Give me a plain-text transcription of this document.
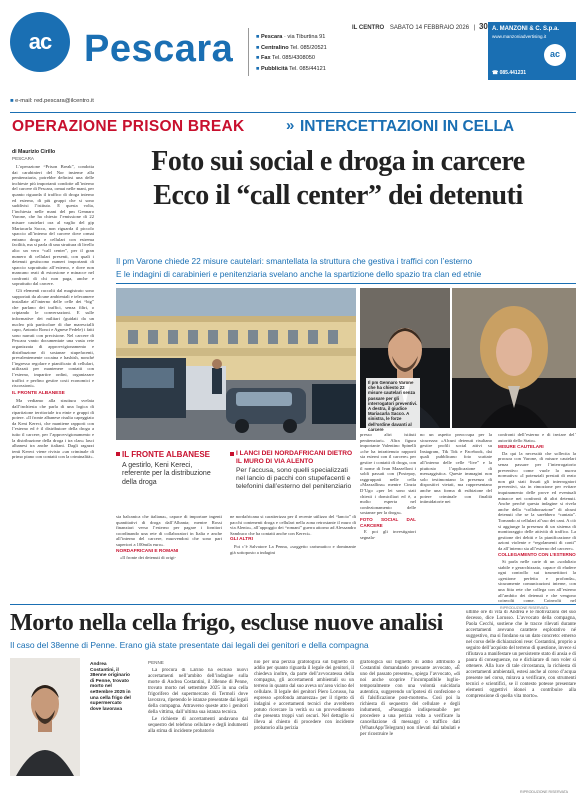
ac Pescara	■ Pescara · via Tiburtina 91
■ Centralino Tel. 085/20521
■ Fax Tel. 085/4308050
■ Pubblicità Tel. 085/44121
IL CENTRO SABATO 14 FEBBRAIO 2026 | 30 A. MANZONI & C. S.p.a.
www.manzoniadvertising.it
ac
☎ 085.441231
■ e-mail: red.pescara@ilcentro.it
OPERAZIONE PRISON BREAK	» INTERCETTAZIONI IN CELLA
di Maurizio Cirillo
PESCARA

L’operazione “Prison Break”, condotta dai carabinieri del Nor insieme alla penitenziaria, potrebbe definirsi una delle inchieste più importanti condotte all’interno del carcere di Pescara, ormai nelle mani, per quanto riguarda il traffico di droga interno ed esterno, di più gruppi che si sono suddivisi l’istituto. E questa volta, l’inchiesta nelle mani del pm Gennaro Varone, che ha chiesto l’emissione di 22 misure cautelari ora al vaglio del gip Mariacarla Sacco, non riguarda il piccolo spaccio all’interno del carcere dove ormai entrano droga e cellulari con estrema facilità, ma si parla di una struttura di livello alto: un vero “call center”, per il gran numero di cellulari presenti, con quali i detenuti gestiscono numeri importanti di spaccio soprattutto all’esterno, e dove non mancano reati di estorsione e minacce nel confronti di chi non paga, anche e soprattutto dal carcere.

Gli elementi raccolti dal magistrato sono supportati da alcune ambientali e telecamere installate all’interno delle celle dei “big” che parlano dei traffici, senza filtri, o criptando le conversazioni. E sulle informative dei militari (guidati da un nucleo più particolare di due marescialli capo, Antonio Ronci e Agnese Fedele) i fatti sono narrati con precisione. Nel carcere di Pescara vanto documentate una vasta rete organizzata di approvvigionamento e distribuzione di sostanze stupefacenti, prevalentemente cocaina e hashish, nonché l’ingresso regolare e pianificato di cellulari, utilizzati per mantenere contatti con l’esterno, impartire ordini, organizzare traffici e perfino gestire costi economici e riscossioni».

IL FRONTE ALBANESE

Ma vediamo alla struttura svelata dall’inchiesta che parla di una logica di ripartizione territoriale tra etnie e gruppi di potere. «Il fronte albanese risulta capeggiato da Keni Kereci, che mantiene rapporti con l’esterno ed è il distributore della droga a tutto il carcere, per l’approvvigionamento e la distribuzione della droga i tra clan» lasci albanesi tra anche italiani. Dagli ragazzi tenti Kereci viene rivisto «un criminale di primo piano con contatti con la criminalità».

Foto sui social e droga in carcere
Ecco il “call center” dei detenuti
Il pm Varone chiede 22 misure cautelari: smantellata la struttura che gestiva i traffici con l’esterno
E le indagini di carabinieri e penitenziaria svelano anche la spartizione dello spazio tra clan ed etnie
Il pm Gennaro Varone che ha chiesto 22 misure cautelari senza passare per gli interrogatori preventivi. A destra, il giudice Mariacarla Sacco. A sinistra, le forze dell’ordine davanti al carcere
IL FRONTE ALBANESE
A gestirlo, Keni Kereci, referente per la distribuzione della droga
I LANCI DEI NORDAFRICANI DIETRO IL MURO DI VIA ALENTO
Per l’accusa, sono quelli specializzati nel lancio di pacchi con stupefacenti e telefonini dall’esterno del penitenziario

sia balcanica che italiana», capace di importare ingenti quantitativi di droga dall’Albania; mentre Rossi finanziari verso l’esterno per pagare i fornitori coordinando una rete di collaboratori in Italia e anche all’interno del carcere, muovendosi che sono pari superiori a 100mila euro».

NORDAFRICANI E ROMANI

«Il fronte dei detenuti di origi-

ne nordafricana si caratterizza per il recente utilizzo del “lancio” di pacchi contenenti droga e cellulari nella zona retrostante il muro di via Alento», all’appoggio dei “romani” guerra attorno ad Alessandro Sambuco che ha contatti anche con Kereci».

GLI ALTRI

Poi c’è Salvatore La Penna, «soggetto carismatico e dominante già sottoposto a indagini

presso altri istituti penitenziari». Altra figura importante Valentino Spinelli «che ha intrattenuto rapporti sia esterni con il carcere» per gestire i contatti di droga, con il nome di Ivan Mazzelloni i soldi passati con (Postepay, raggruppati nelle cella «Mazzallina» mentre Cinzia D’Ugo «per lei sono stati chiesti i domiciliari ed è, a molto esperta nel confezionamento delle sostanze per la droga».

FOTO SOCIAL DAL CARCERE

E poi gli investigatori segnala-

no un aspetto preoccupa per la sicurezza: «Alcuni detenuti risultano gestire profili social attivi su Instagram, Tik Tok e Facebook, dai quali pubblicano foto scattate all’interno delle celle “live” e la piuttosto l’applicazione di messaggistica. Queste immagini non solo testimoniano la presenza di dispositivi vietati, ma rappresentano anche una forma di esibizione del potere criminale con finalità intimidatorie nei

confronti dell’esterno e di inviare del’ autorità dello Stato».

MISURE CAUTELARI

Da qui la necessità che sollecita la procura con Varone, di misure cautelari senza passare per l’interrogatorio preventivo come vuole la nuova normativa: «I potenziali prestati di reato non già stati fissati gli interrogatori preventivi, sia in rimozione per evitare inquinamento delle prove ed eventuali minacce nei confronti di altri detenuti. Anche perché questa indagine si rivela anche della “collaborazione” di alcuni detenuti che se la sarebbero “cantata”. Tornando ai cellulari al’uso dei cani. A ciò si aggiunge la presenza di un sistema di monitoraggio delle attività di traffico. La gestione dei debiti e la pianificazione di azioni violente e “regolamenti di conti” da all’interno sia all’esterno del carcere».

COLLEGAMENTO CON L’ESTERNO

Si parla nelle carte di un «sodalizio stabile e gerarchizzato, capace di eludere ogni controllo sui trasmettitori la «gestione perfetta e profonda», sicuramente comunicazioni interne, con una fitta rete che collega con all’esterno all’ambito dei detenuti e che vengono coinvolti come. Coinvolti nel

RIPRODUZIONE RISERVATA
Morto nella cella frigo, escluse nuove analisi
Il caso del 38enne di Penne. Erano già state presentate dai legali dei genitori e della compagna
Andrea Costantini, il 38enne originario di Penne, trovato morto nel settembre 2025 in una cella frigo del supermercato dove lavorava
PENNE

La procura di Larino ha escluso nuovi accertamenti nell’ambito dell’indagine sulla morte di Andrea Costantini, il 38enne di Penne, trovato morto nel settembre 2025 in una cella frigorifero del supermercato di Termoli dove lavorava, ripetendo le istanze presentate dai legali della compagna. Attraverso queste atto i genitori della vittima, dall’ultima sua istanza tecnica.

Le richieste di accertamenti andavano dal sequestro del telefono cellulare e degli indumenti alla stima di incidente probatorio

nio per una perizia grafologica sul biglietto di addio per quanto riguarda il legale dei genitori, il chiedeva inoltre, da parte dell’avvocatessa della compagna, gli accertamenti ambientali su un terreno in quanto dal suo aveva un’area vicino del cellulare. Il legale dei genitori Piero Lorusso, ha espresso «profonda amarezza» per il rigetto di indagini e accertamenti tecnici che avrebbero potuto ricercare la verità su un provvedimento che presenta troppi vari oscuri. Nel dettaglio si illeva ai chiesto di procedere con incidente probatorio alla perizia

grafologica sul biglietto di addio attribuito a Costantini domandando pressante avvocato, «È uno del passato presente», spiega l’avvocato, «di noi anche scoprire l’incompatibile luglio-temporalmente con una volontà suicidaria autentica, suggerendo un’ipotesi di confezione o di falsificazione post-mortem». Così poi la richiesta di sequestro del cellulare e degli indumenti, «Passaggio indispensabile per procedere a una perizia volta a verificare la cancellazione di messaggi o traffico dati (WhatsApp/Telegram) non rilevati dai tabulati e per ricostruire le

ultime ore di vita di Andrea e le motivazioni del suo decesso, dice Lorusso. L’avvocato della compagna, Paola Cecchi, sostiene che le tracce rilevati durante accertamenti avevano carattere esplorativo né suggestivo, ma si fondano su un dato concreto: emerso nel corso delle dichiarazioni rese: Costantini, proprio a seguito dell’acquisto del terreno di questione, invece si rifiutava a manifestare un persistente stato di ansia e di paura di conseguenze, no e dichiarare di non voler sì ottenere. Alla luce di tale circostanza, la richiesta di accertamenti ambientali, estesi anche al corso d’acqua presente nel corso, mirava a verificare, con strumenti tecnici e scientifici, se il contesto potesse presentare elementi oggettivi idonei a contribuire alla comprensione di quella vita morto».

RIPRODUZIONE RISERVATA
